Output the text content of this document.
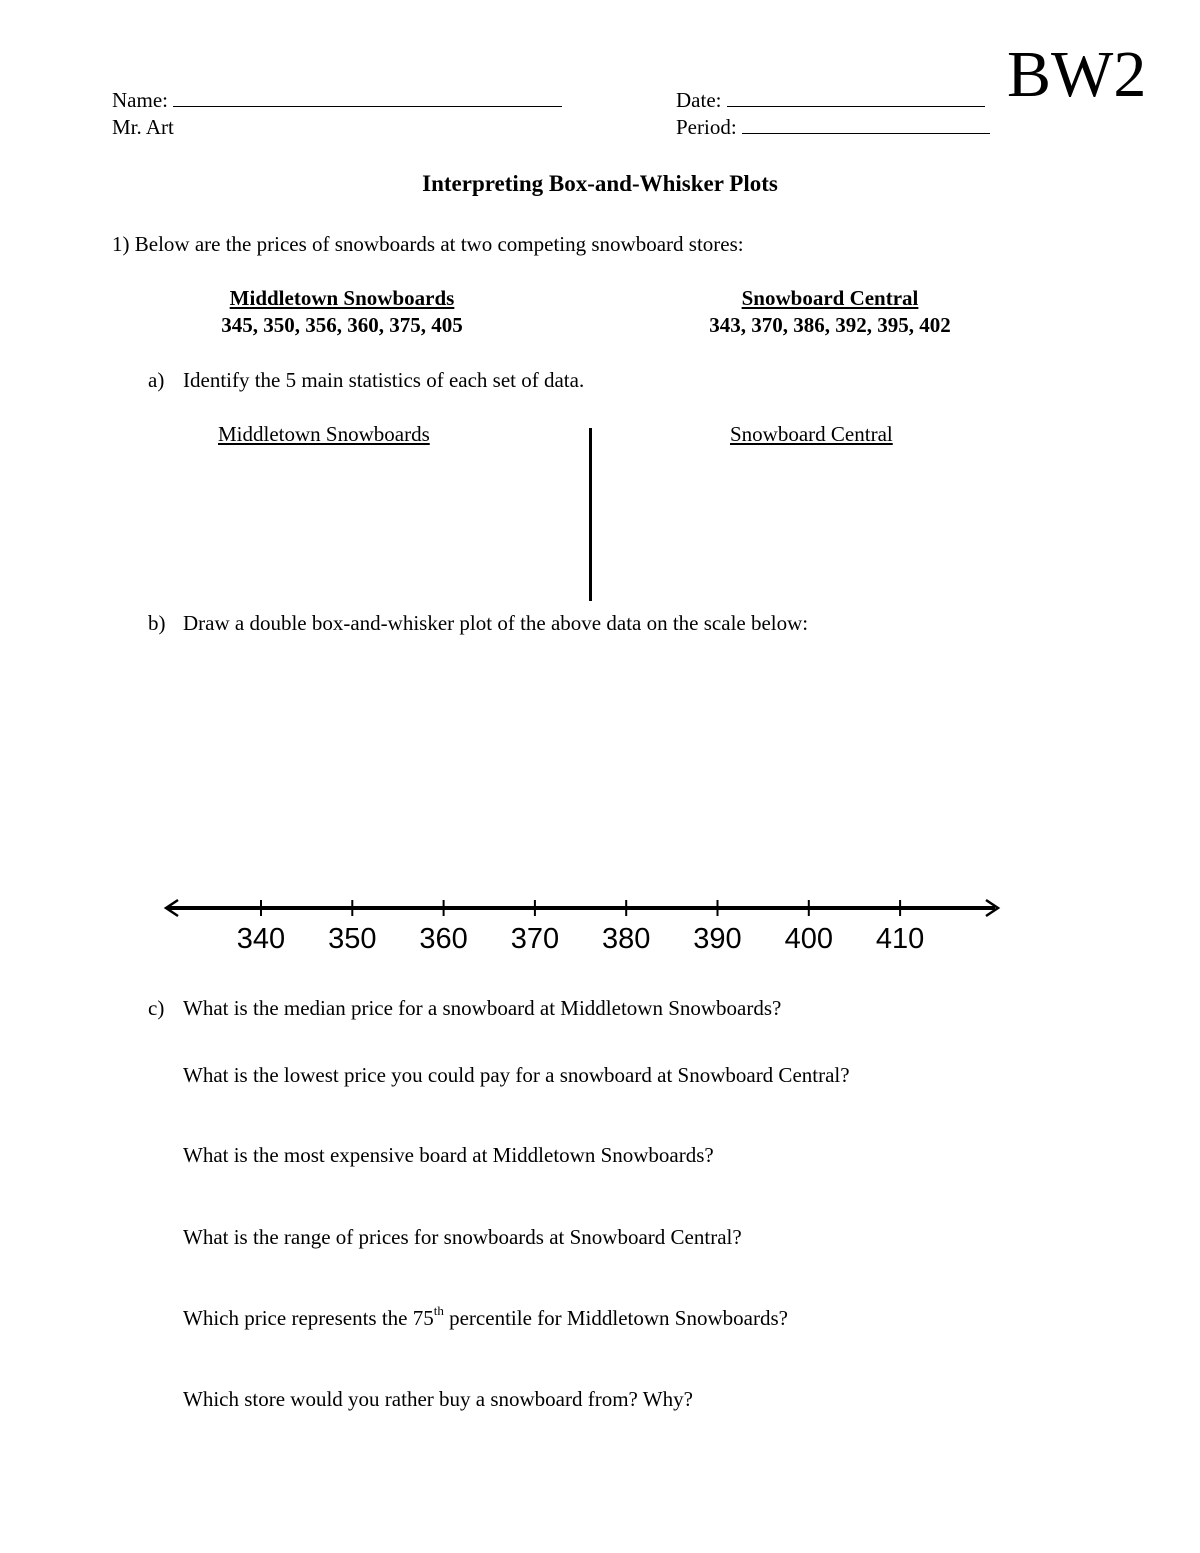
Name:
Mr. Art
Date:
Period:
BW2
Interpreting Box-and-Whisker Plots
1) Below are the prices of snowboards at two competing snowboard stores:
Middletown Snowboards
345, 350, 356, 360, 375, 405
Snowboard Central
343, 370, 386, 392, 395, 402
a) Identify the 5 main statistics of each set of data.
Middletown Snowboards	Snowboard Central
b) Draw a double box-and-whisker plot of the above data on the scale below:
340 350 360 370 380 390 400 410
c) What is the median price for a snowboard at Middletown Snowboards?
What is the lowest price you could pay for a snowboard at Snowboard Central?
What is the most expensive board at Middletown Snowboards?
What is the range of prices for snowboards at Snowboard Central?
Which price represents the 75th percentile for Middletown Snowboards?
Which store would you rather buy a snowboard from? Why?
